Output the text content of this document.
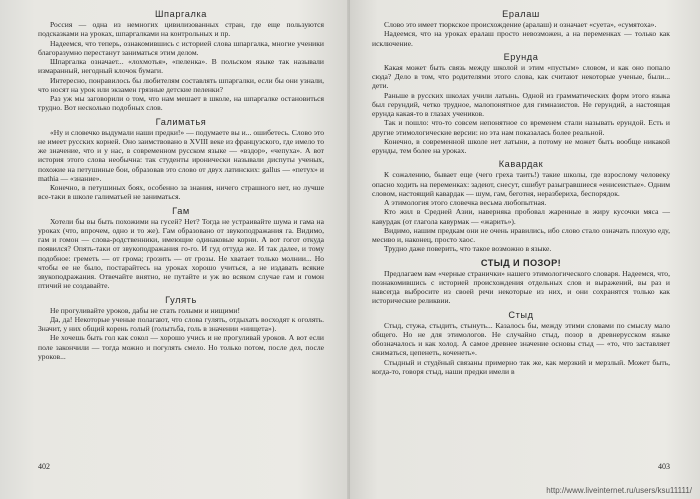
Шпаргалка

Россия — одна из немногих цивилизованных стран, где еще пользуются подсказками на уроках, шпаргалками на контрольных и пр.

Надеемся, что теперь, ознакомившись с историей слова шпаргалка, многие ученики благоразумно перестанут заниматься этим делом.

Шпаргалка означает... «лохмотья», «пеленка». В польском языке так называли измаранный, негодный клочок бумаги.

Интересно, понравилось бы любителям составлять шпаргалки, если бы они узнали, что носят на урок или экзамен грязные детские пеленки?

Раз уж мы заговорили о том, что нам мешает в школе, на шпаргалке остановиться трудно. Вот несколько подобных слов.

Галиматья

«Ну и словечко выдумали наши предки!» — подумаете вы и... ошибетесь. Слово это не имеет русских корней. Оно заимствовано в XVIII веке из французского, где имело то же значение, что и у нас, в современном русском языке — «вздор», «чепуха». А вот история этого слова необычна: так студенты иронически называли диспуты ученых, похожие на петушиные бои, образовав это слово от двух латинских: gallus — «петух» и mathia — «знание».

Конечно, в петушиных боях, особенно за знания, ничего страшного нет, но лучше все-таки в школе галиматьей не заниматься.

Гам

Хотели бы вы быть похожими на гусей? Нет? Тогда не устраивайте шума и гама на уроках (что, впрочем, одно и то же). Гам образовано от звукоподражания га. Видимо, гам и гомон — слова-родственники, имеющие одинаковые корни. А вот гогот откуда появился? Опять-таки от звукоподражания го-го. И гуд оттуда же. И так далее, и тому подобное: греметь — от грома; грозить — от грозы. Не хватает только молнии... Но чтобы ее не было, постарайтесь на уроках хорошо учиться, а не издавать всякие звукоподражания. Отвечайте внятно, не путайте и уж во всяком случае гам и гомон птичий не создавайте.

Гулять

Не прогуливайте уроков, дабы не стать голыми и нищими!

Да, да! Некоторые ученые полагают, что слова гулять, отдыхать восходят к оголять. Значит, у них общий корень голый (голытьба, голь в значении «нищета»).

Не хочешь быть гол как сокол — хорошо учись и не прогуливай уроков. А вот если поле закончили — тогда можно и погулять смело. Но только потом, после дел, после уроков...

402
Ералаш

Слово это имеет тюркское происхождение (аралаш) и означает «суета», «сумятоха».

Надеемся, что на уроках ералаш просто невозможен, а на переменках — только как исключение.

Ерунда

Какая может быть связь между школой и этим «пустым» словом, и как оно попало сюда? Дело в том, что родителями этого слова, как считают некоторые ученые, были... дети.

Раньше в русских школах учили латынь. Одной из грамматических форм этого языка был герундий, четко трудное, малопонятное для гимназистов. Не герундий, а настоящая ерунда какая-то в глазах учеников.

Так и пошло: что-то совсем непонятное со временем стали называть ерундой. Есть и другие этимологические версии: но эта нам показалась более реальной.

Конечно, в современной школе нет латыни, а потому не может быть вообще никакой ерунды, тем более на уроках.

Кавардак

К сожалению, бывает еще (чего греха таить!) такие школы, где взрослому человеку опасно ходить на переменках: задеют, снесут, сшибут разыгравшиеся «енисеистые». Одним словом, настоящий кавардак — шум, гам, беготня, неразбериха, беспорядок.

А этимология этого словечка весьма любопытная.

Кто жил в Средней Азии, наверняка пробовал жаренные в жиру кусочки мяса — кавурдак (от глагола кавурмак — «жарить»).

Видимо, нашим предкам они не очень нравились, ибо слово стало означать плохую еду, месиво и, наконец, просто хаос.

Трудно даже поверить, что такое возможно в языке.

СТЫД И ПОЗОР!

Предлагаем вам «черные странички» нашего этимологического словаря. Надеемся, что, познакомившись с историей происхождения отдельных слов и выражений, вы раз и навсегда выбросите из своей речи некоторые из них, и они сохранятся только как исторические реликвии.

Стыд

Стыд, стужа, стыдить, стынуть... Казалось бы, между этими словами по смыслу мало общего. Но не для этимологов. Не случайно стыд, позор в древнерусском языке обозначалось и как холод. А самое древнее значение основы стыд — «то, что заставляет сжиматься, цепенеть, коченеть».

Стыдный и студёный связаны примерно так же, как мерзкий и мерзлый. Может быть, когда-то, говоря стыд, наши предки имели в

403
http://www.liveinternet.ru/users/ksu11111/
